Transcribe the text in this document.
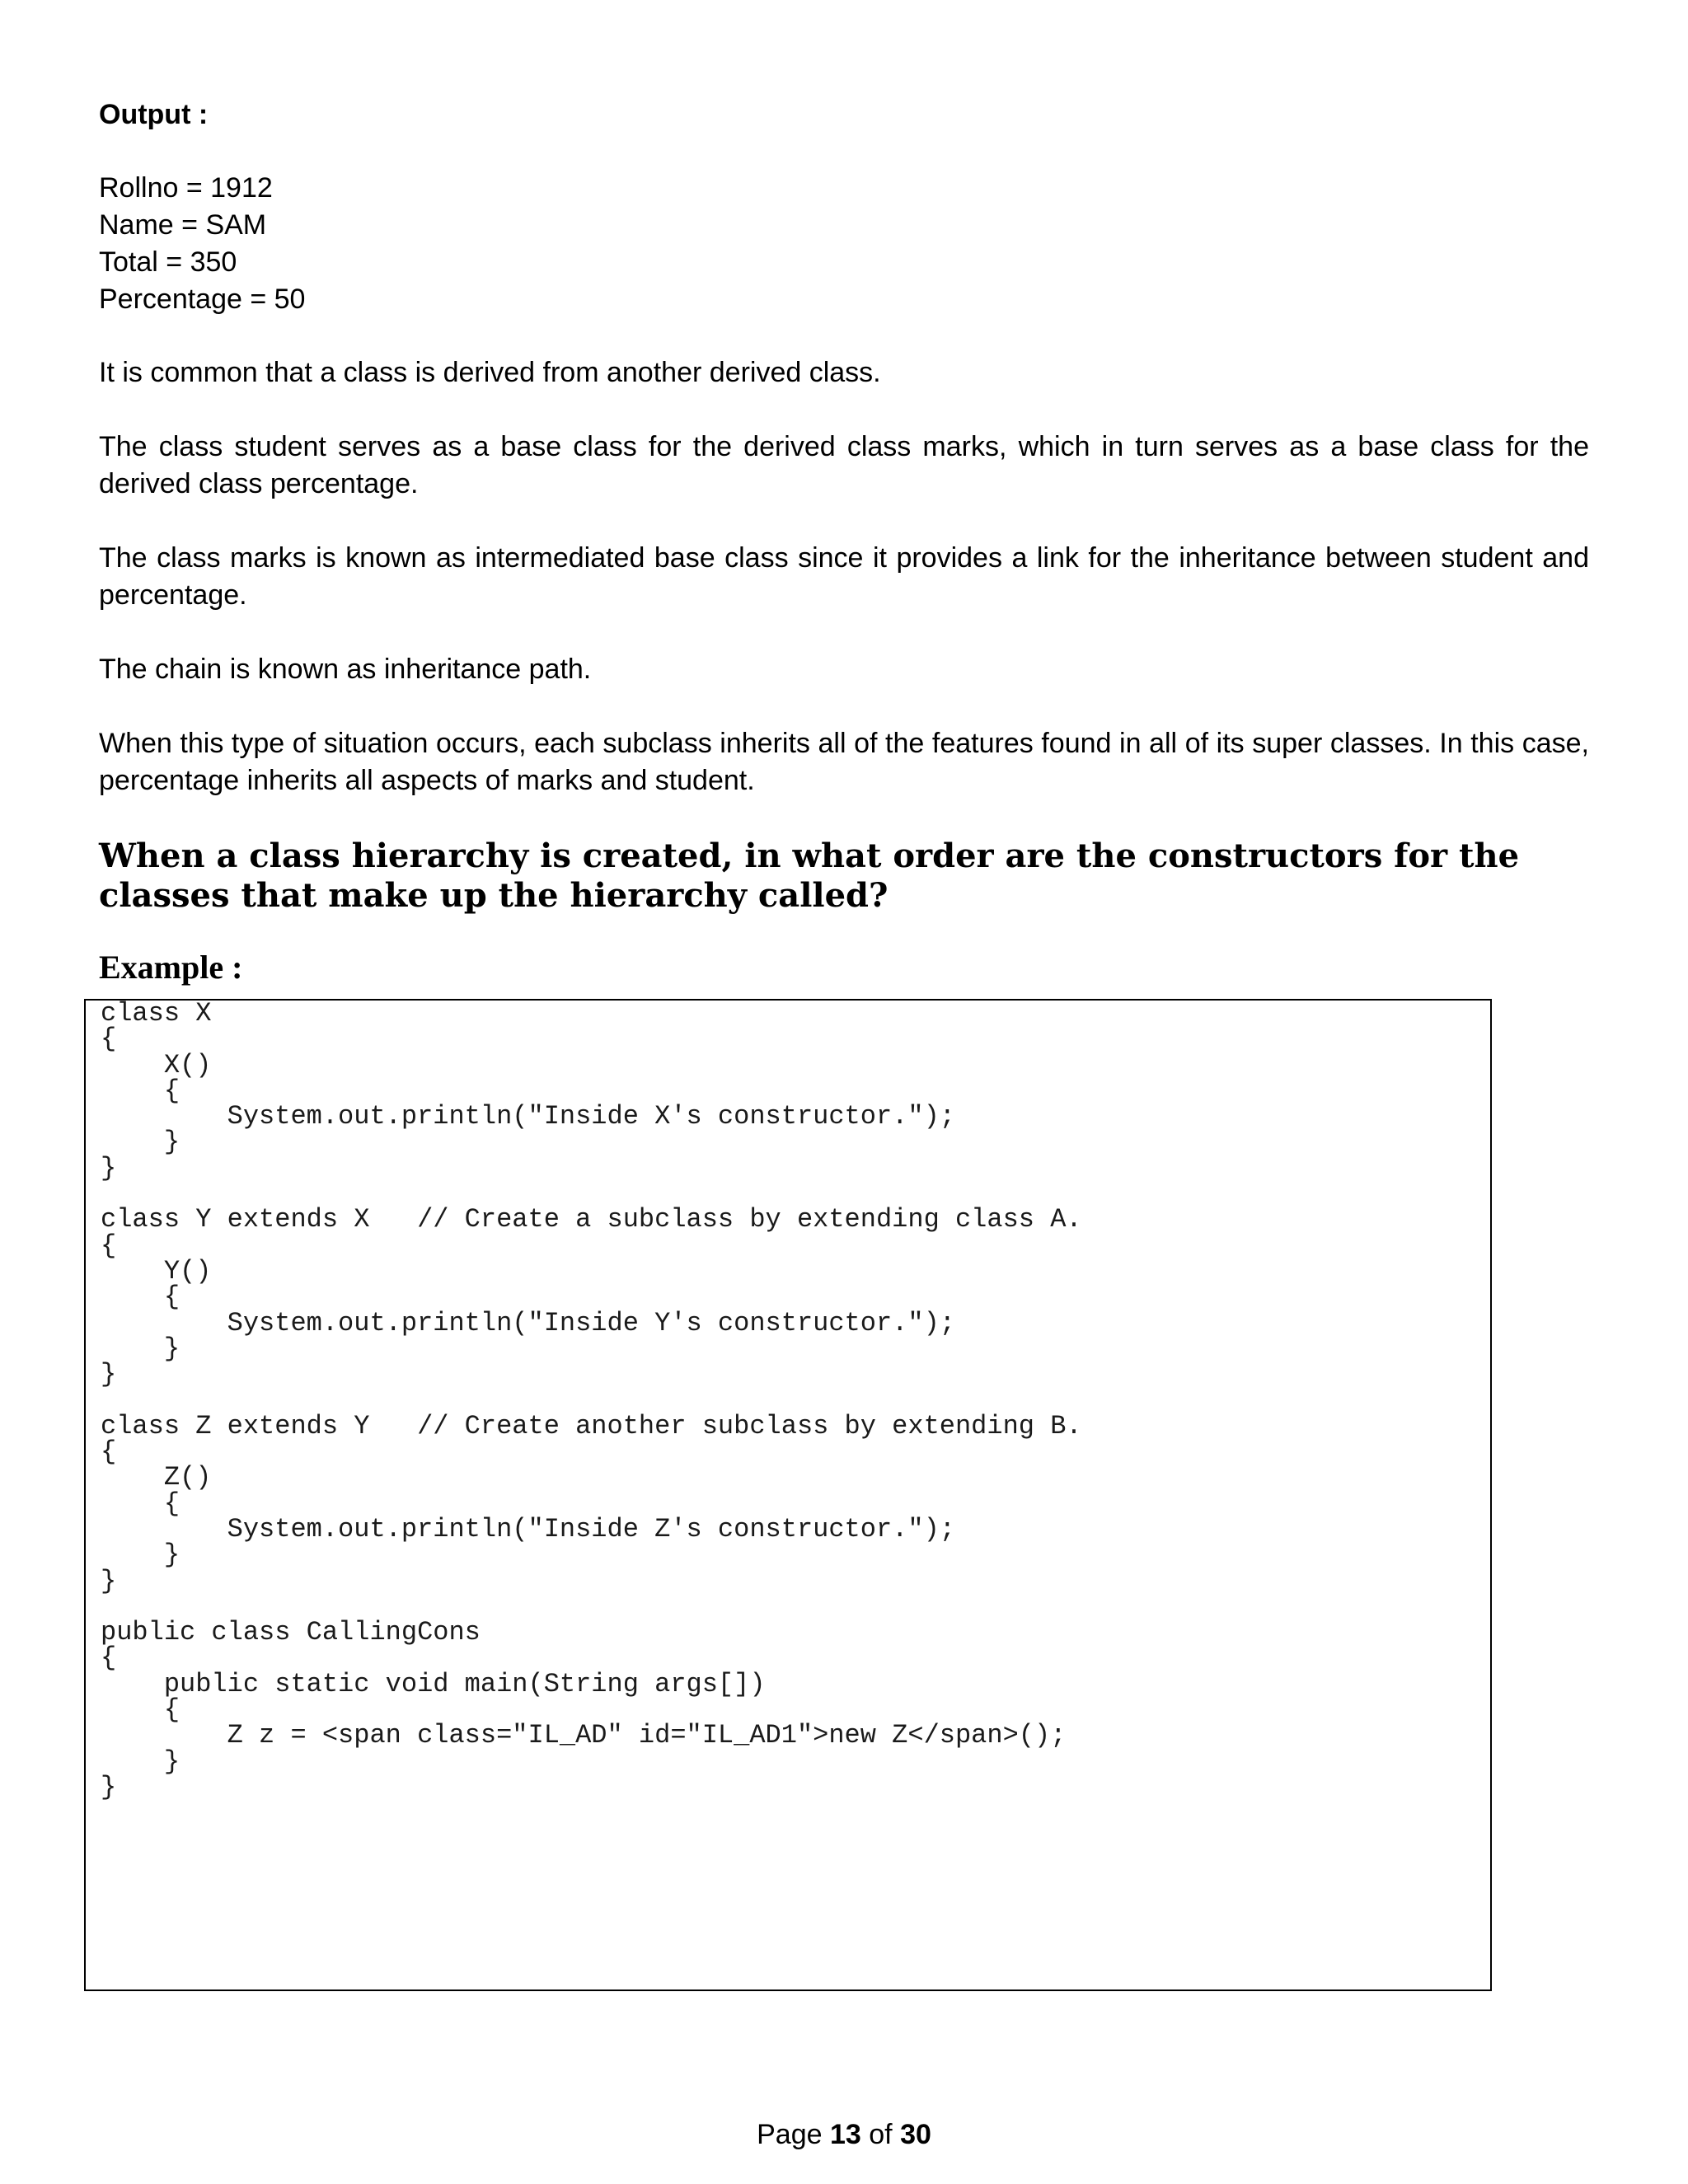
Output :
Rollno = 1912
Name = SAM
Total = 350
Percentage = 50

It is common that a class is derived from another derived class.

The class student serves as a base class for the derived class marks, which in turn serves as a base class for the derived class percentage.

The class marks is known as intermediated base class since it provides a link for the inheritance between student and percentage.

The chain is known as inheritance path.

When this type of situation occurs, each subclass inherits all of the features found in all of its super classes. In this case, percentage inherits all aspects of marks and student.

When a class hierarchy is created, in what order are the constructors for the classes that make up the hierarchy called?
Example :
class X
{
X()
{
System.out.println("Inside X's constructor.");
}
}
class Y extends X   // Create a subclass by extending class A.
{
Y()
{
System.out.println("Inside Y's constructor.");
}
}
class Z extends Y   // Create another subclass by extending B.
{
Z()
{
System.out.println("Inside Z's constructor.");
}
}
public class CallingCons
{
public static void main(String args[])
{
Z z = <span class="IL_AD" id="IL_AD1">new Z</span>();
}
}
Page 13 of 30
